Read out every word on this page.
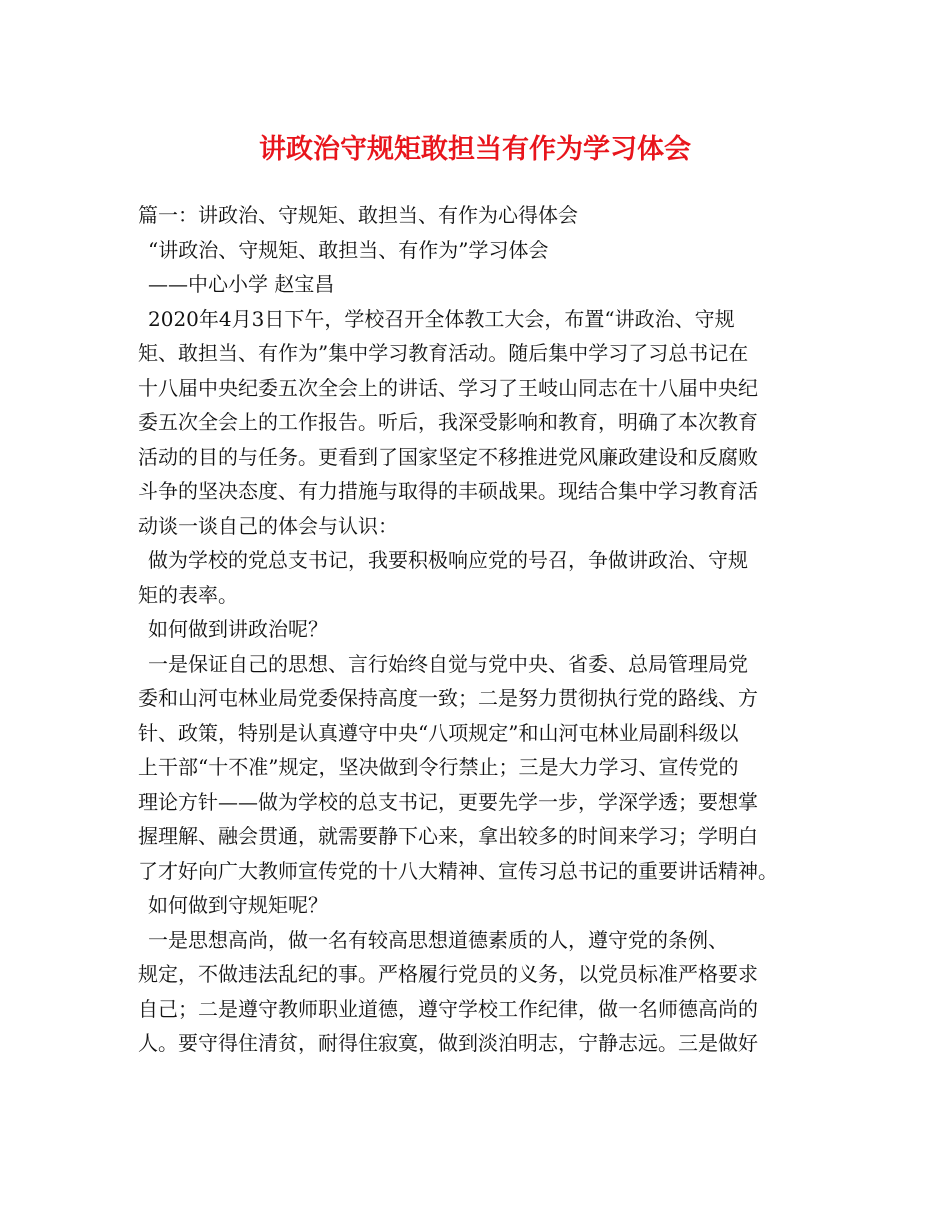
讲政治守规矩敢担当有作为学习体会
篇一：讲政治、守规矩、敢担当、有作为心得体会
“讲政治、守规矩、敢担当、有作为”学习体会
——中心小学 赵宝昌
2020年4月3日下午，学校召开全体教工大会，布置“讲政治、守规
矩、敢担当、有作为”集中学习教育活动。随后集中学习了习总书记在
十八届中央纪委五次全会上的讲话、学习了王岐山同志在十八届中央纪
委五次全会上的工作报告。听后，我深受影响和教育，明确了本次教育
活动的目的与任务。更看到了国家坚定不移推进党风廉政建设和反腐败
斗争的坚决态度、有力措施与取得的丰硕战果。现结合集中学习教育活
动谈一谈自己的体会与认识：
做为学校的党总支书记，我要积极响应党的号召，争做讲政治、守规
矩的表率。
如何做到讲政治呢？
一是保证自己的思想、言行始终自觉与党中央、省委、总局管理局党
委和山河屯林业局党委保持高度一致；二是努力贯彻执行党的路线、方
针、政策，特别是认真遵守中央“八项规定”和山河屯林业局副科级以
上干部“十不准”规定，坚决做到令行禁止；三是大力学习、宣传党的
理论方针——做为学校的总支书记，更要先学一步，学深学透；要想掌
握理解、融会贯通，就需要静下心来，拿出较多的时间来学习；学明白
了才好向广大教师宣传党的十八大精神、宣传习总书记的重要讲话精神。
如何做到守规矩呢？
一是思想高尚，做一名有较高思想道德素质的人，遵守党的条例、
规定，不做违法乱纪的事。严格履行党员的义务，以党员标准严格要求
自己；二是遵守教师职业道德，遵守学校工作纪律，做一名师德高尚的
人。要守得住清贫，耐得住寂寞，做到淡泊明志，宁静志远。三是做好
